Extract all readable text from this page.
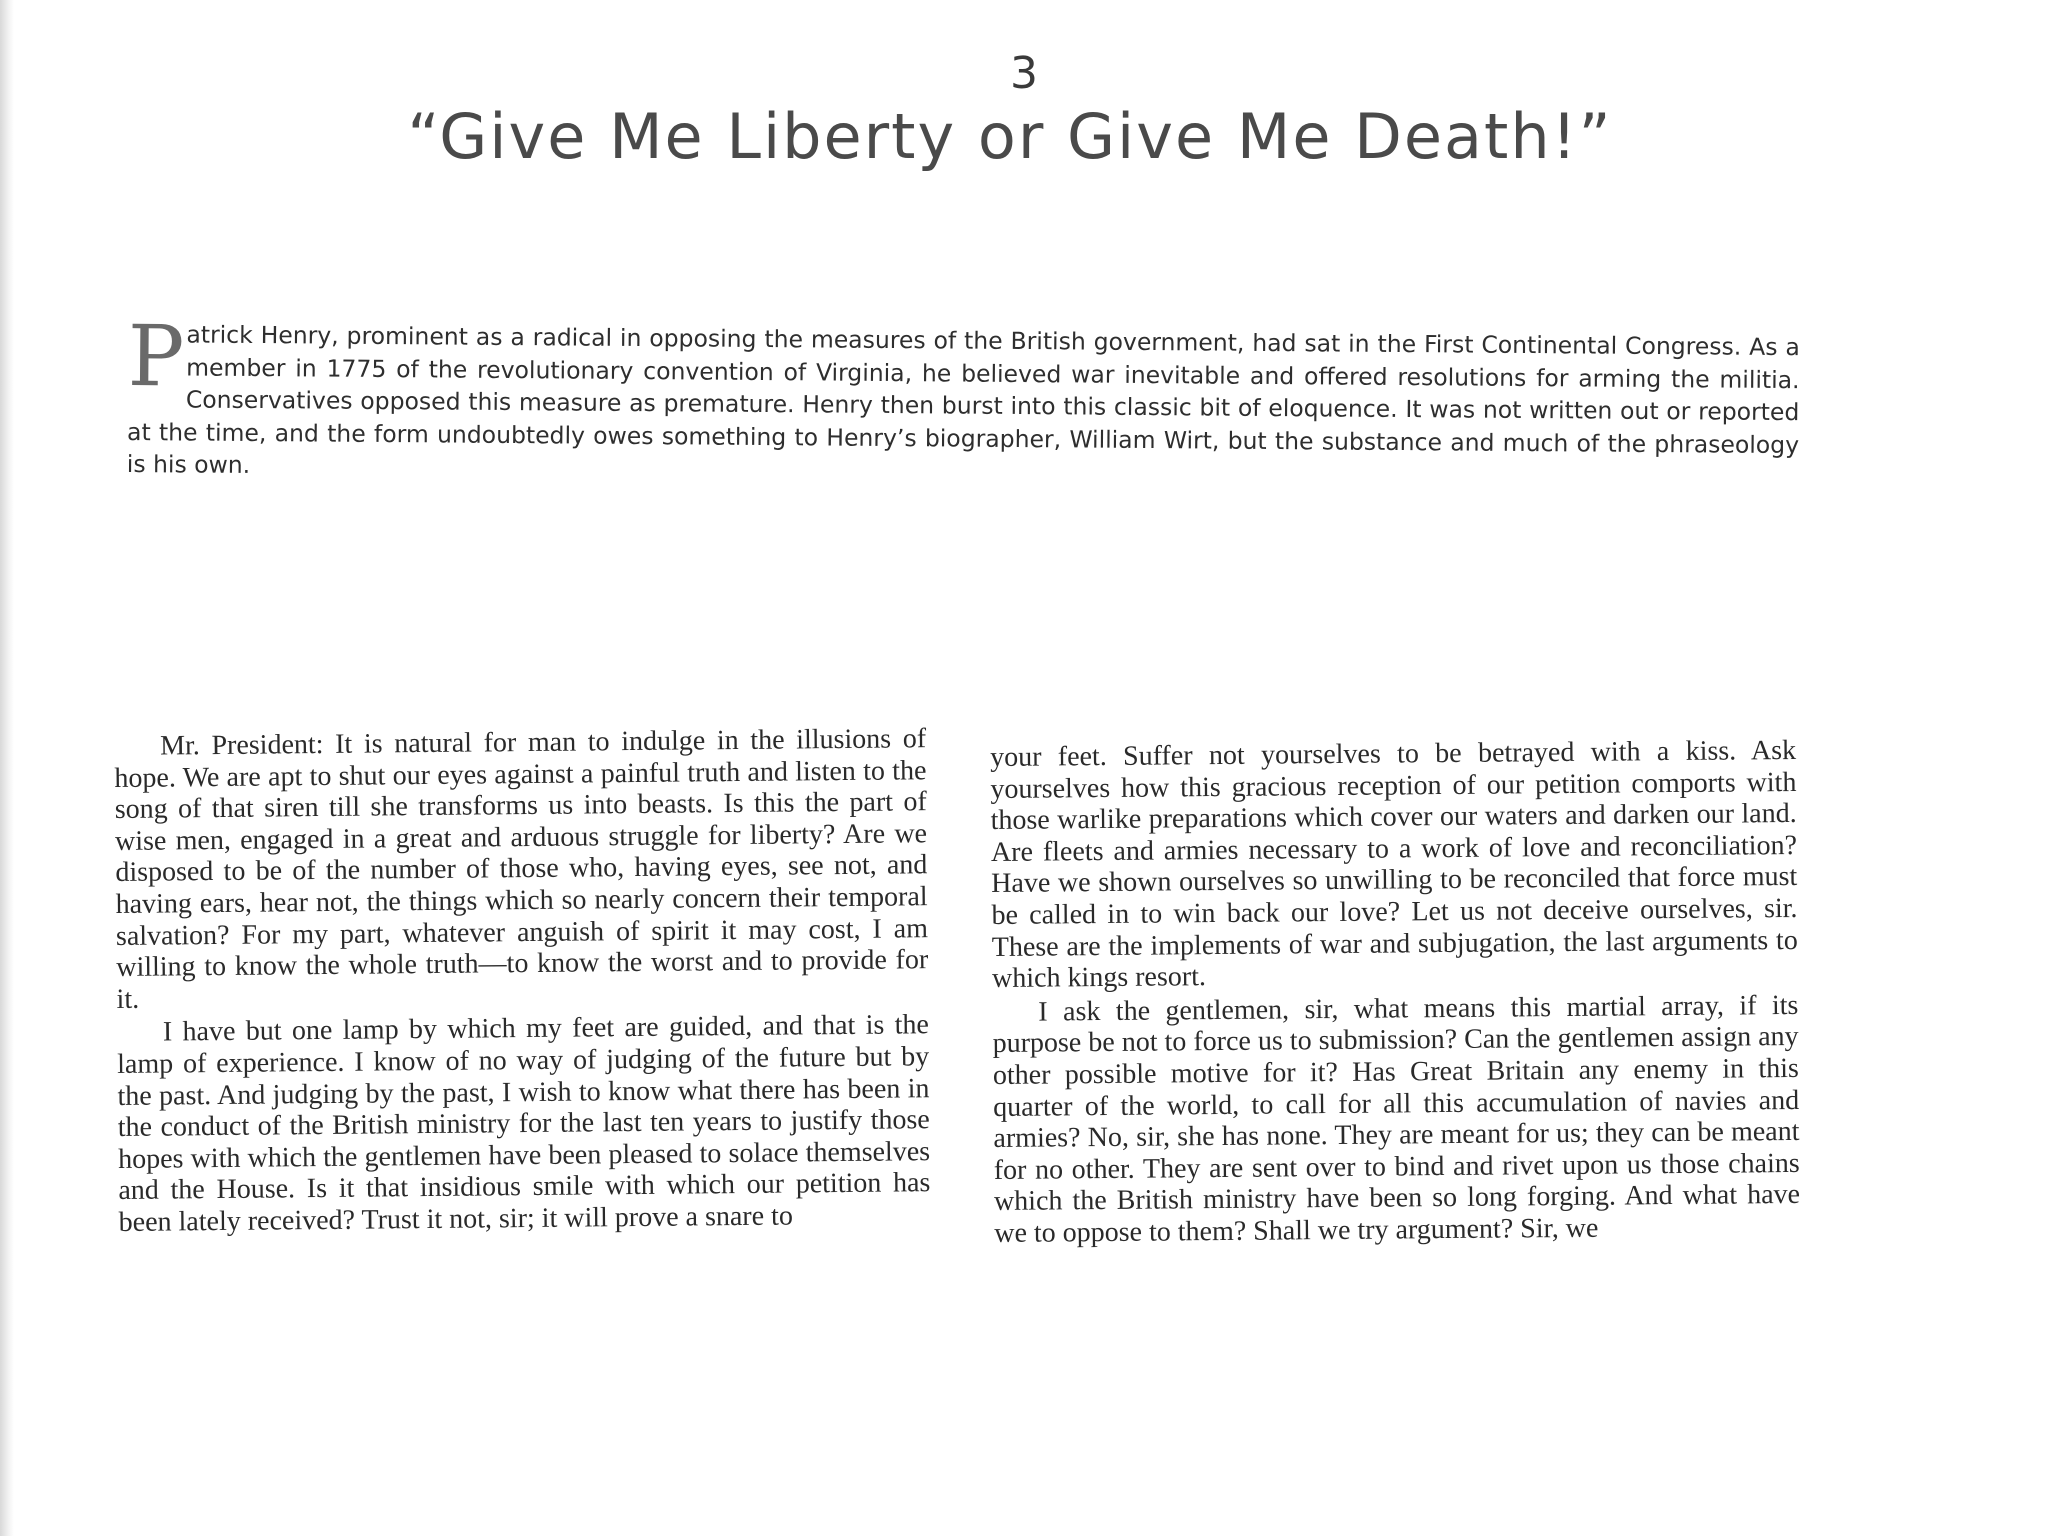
3
“Give Me Liberty or Give Me Death!”
Patrick Henry, prominent as a radical in opposing the measures of the British government, had sat in the First Continental Congress. As a member in 1775 of the revolutionary convention of Virginia, he believed war inevitable and offered resolutions for arming the militia. Conservatives opposed this measure as premature. Henry then burst into this classic bit of eloquence. It was not written out or reported at the time, and the form undoubtedly owes something to Henry’s biographer, William Wirt, but the substance and much of the phraseology is his own.

Mr. President: It is natural for man to indulge in the illusions of hope. We are apt to shut our eyes against a painful truth and listen to the song of that siren till she transforms us into beasts. Is this the part of wise men, engaged in a great and arduous struggle for liberty? Are we disposed to be of the number of those who, having eyes, see not, and having ears, hear not, the things which so nearly concern their temporal salvation? For my part, whatever anguish of spirit it may cost, I am willing to know the whole truth—to know the worst and to provide for it.

I have but one lamp by which my feet are guided, and that is the lamp of experience. I know of no way of judging of the future but by the past. And judging by the past, I wish to know what there has been in the conduct of the British ministry for the last ten years to justify those hopes with which the gentlemen have been pleased to solace themselves and the House. Is it that insidious smile with which our petition has been lately received? Trust it not, sir; it will prove a snare to

your feet. Suffer not yourselves to be betrayed with a kiss. Ask yourselves how this gracious reception of our petition comports with those warlike preparations which cover our waters and darken our land. Are fleets and armies necessary to a work of love and reconciliation? Have we shown ourselves so unwilling to be reconciled that force must be called in to win back our love? Let us not deceive ourselves, sir. These are the implements of war and subjugation, the last arguments to which kings resort.

I ask the gentlemen, sir, what means this martial array, if its purpose be not to force us to submission? Can the gentlemen assign any other possible motive for it? Has Great Britain any enemy in this quarter of the world, to call for all this accumulation of navies and armies? No, sir, she has none. They are meant for us; they can be meant for no other. They are sent over to bind and rivet upon us those chains which the British ministry have been so long forging. And what have we to oppose to them? Shall we try argument? Sir, we
